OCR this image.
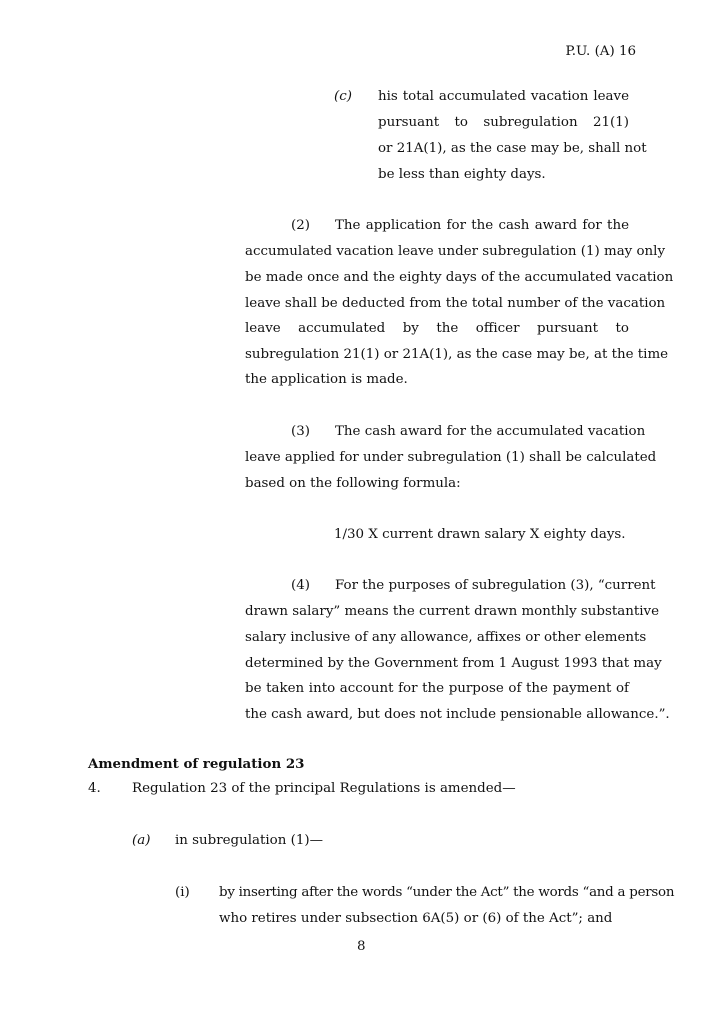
P.U. (A) 16
(c) his total accumulated vacation leave
pursuant to subregulation 21(1)
or 21A(1), as the case may be, shall not
be less than eighty days.
(2) The application for the cash award for the
accumulated vacation leave under subregulation (1) may only
be made once and the eighty days of the accumulated vacation
leave shall be deducted from the total number of the vacation
leave accumulated by the officer pursuant to
subregulation 21(1) or 21A(1), as the case may be, at the time
the application is made.
(3) The cash award for the accumulated vacation
leave applied for under subregulation (1) shall be calculated
based on the following formula:
1/30 X current drawn salary X eighty days.
(4) For the purposes of subregulation (3), “current
drawn salary” means the current drawn monthly substantive
salary inclusive of any allowance, affixes or other elements
determined by the Government from 1 August 1993 that may
be taken into account for the purpose of the payment of
the cash award, but does not include pensionable allowance.”.
Amendment of regulation 23
4. Regulation 23 of the principal Regulations is amended—
(a) in subregulation (1)—
(i) by inserting after the words “under the Act” the words “and a person
who retires under subsection 6A(5) or (6) of the Act”; and
8
